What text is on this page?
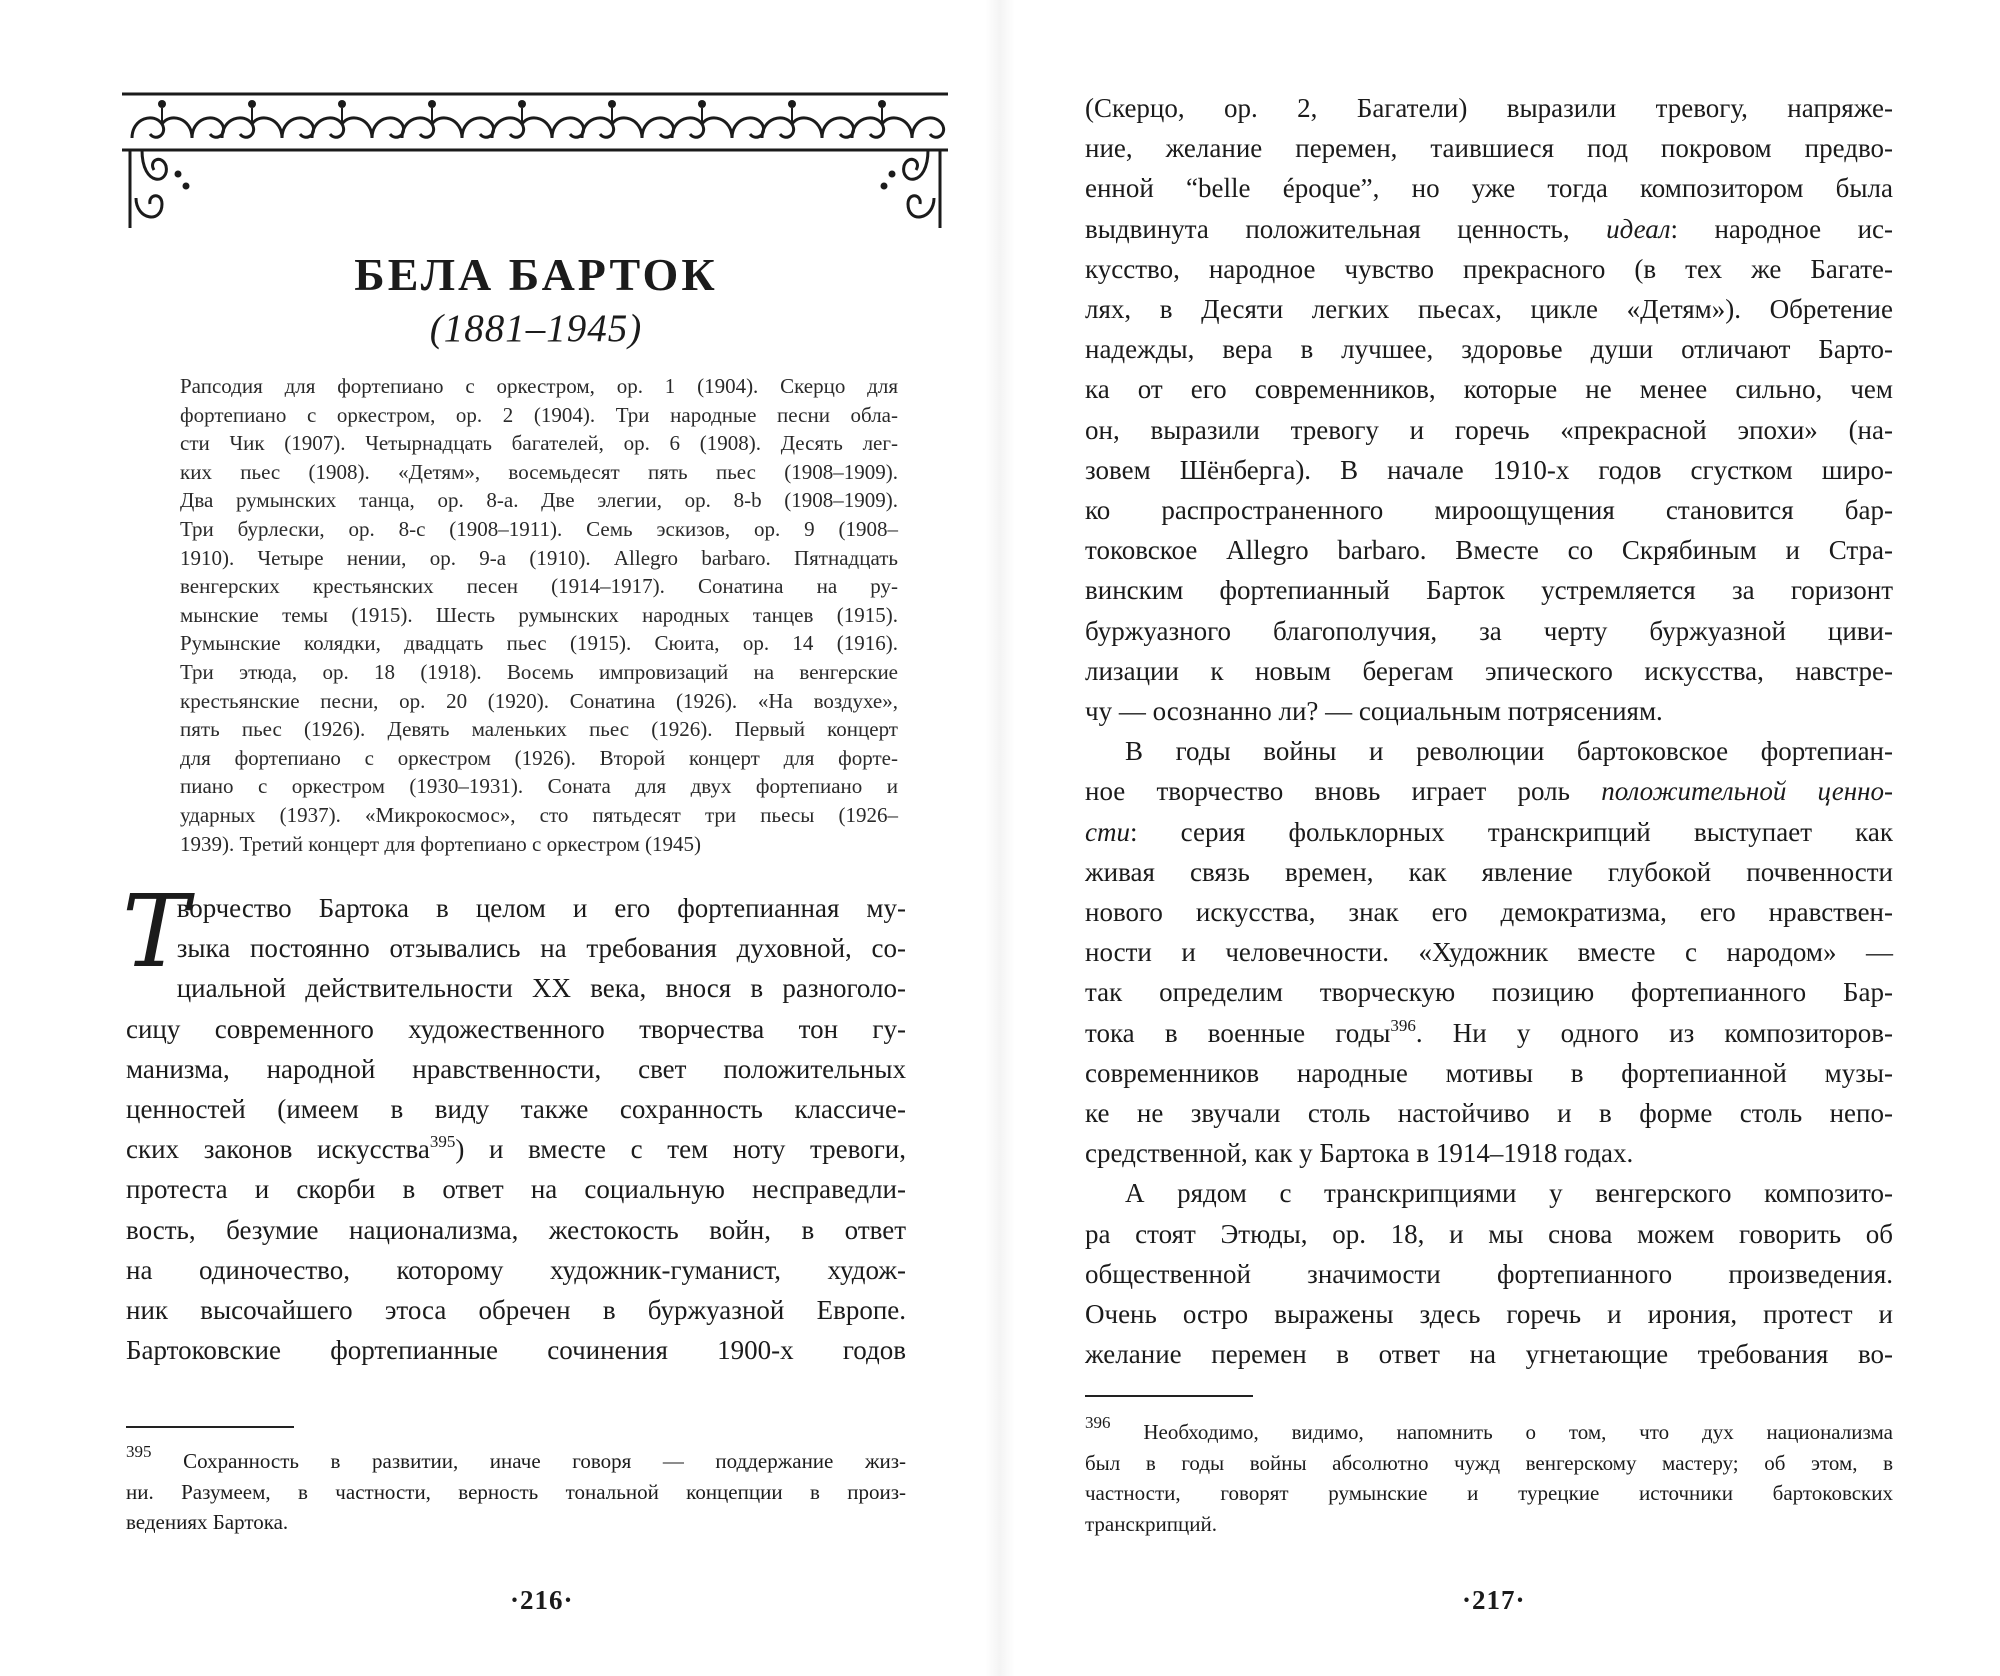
БЕЛА БАРТОК
(1881–1945)
Рапсодия для фортепиано с оркестром, ор. 1 (1904). Скерцо для
фортепиано с оркестром, ор. 2 (1904). Три народные песни обла-
сти Чик (1907). Четырнадцать багателей, ор. 6 (1908). Десять лег-
ких пьес (1908). «Детям», восемьдесят пять пьес (1908–1909).
Два румынских танца, ор. 8-а. Две элегии, ор. 8-b (1908–1909).
Три бурлески, ор. 8-с (1908–1911). Семь эскизов, ор. 9 (1908–
1910). Четыре нении, ор. 9-а (1910). Allegro barbaro. Пятнадцать
венгерских крестьянских песен (1914–1917). Сонатина на ру-
мынские темы (1915). Шесть румынских народных танцев (1915).
Румынские колядки, двадцать пьес (1915). Сюита, ор. 14 (1916).
Три этюда, ор. 18 (1918). Восемь импровизаций на венгерские
крестьянские песни, ор. 20 (1920). Сонатина (1926). «На воздухе»,
пять пьес (1926). Девять маленьких пьес (1926). Первый концерт
для фортепиано с оркестром (1926). Второй концерт для форте-
пиано с оркестром (1930–1931). Соната для двух фортепиано и
ударных (1937). «Микрокосмос», сто пятьдесят три пьесы (1926–
1939). Третий концерт для фортепиано с оркестром (1945)
Т ворчество Бартока в целом и его фортепианная му-
зыка постоянно отзывались на требования духовной, со-
циальной действительности XX века, внося в разноголо-
сицу современного художественного творчества тон гу-
манизма, народной нравственности, свет положительных
ценностей (имеем в виду также сохранность классиче-
ских законов искусства$^{395}$) и вместе с тем ноту тревоги,
протеста и скорби в ответ на социальную несправедли-
вость, безумие национализма, жестокость войн, в ответ
на одиночество, которому художник-гуманист, худож-
ник высочайшего этоса обречен в буржуазной Европе.
Бартоковские фортепианные сочинения 1900-х годов
$^{395}$ Сохранность в развитии, иначе говоря — поддержание жиз-
ни. Разумеем, в частности, верность тональной концепции в произ-
ведениях Бартока.
·216·
(Скерцо, ор. 2, Багатели) выразили тревогу, напряже-
ние, желание перемен, таившиеся под покровом предво-
енной “belle époque”, но уже тогда композитором была
выдвинута положительная ценность, идеал: народное ис-
кусство, народное чувство прекрасного (в тех же Багате-
лях, в Десяти легких пьесах, цикле «Детям»). Обретение
надежды, вера в лучшее, здоровье души отличают Барто-
ка от его современников, которые не менее сильно, чем
он, выразили тревогу и горечь «прекрасной эпохи» (на-
зовем Шёнберга). В начале 1910-х годов сгустком широ-
ко распространенного мироощущения становится бар-
токовское Allegro barbaro. Вместе со Скрябиным и Стра-
винским фортепианный Барток устремляется за горизонт
буржуазного благополучия, за черту буржуазной циви-
лизации к новым берегам эпического искусства, навстре-
чу — осознанно ли? — социальным потрясениям.
В годы войны и революции бартоковское фортепиан-
ное творчество вновь играет роль положительной ценно-
сти: серия фольклорных транскрипций выступает как
живая связь времен, как явление глубокой почвенности
нового искусства, знак его демократизма, его нравствен-
ности и человечности. «Художник вместе с народом» —
так определим творческую позицию фортепианного Бар-
тока в военные годы$^{396}$. Ни у одного из композиторов-
современников народные мотивы в фортепианной музы-
ке не звучали столь настойчиво и в форме столь непо-
средственной, как у Бартока в 1914–1918 годах.
А рядом с транскрипциями у венгерского композито-
ра стоят Этюды, ор. 18, и мы снова можем говорить об
общественной значимости фортепианного произведения.
Очень остро выражены здесь горечь и ирония, протест и
желание перемен в ответ на угнетающие требования во-
$^{396}$ Необходимо, видимо, напомнить о том, что дух национализма
был в годы войны абсолютно чужд венгерскому мастеру; об этом, в
частности, говорят румынские и турецкие источники бартоковских
транскрипций.
·217·
